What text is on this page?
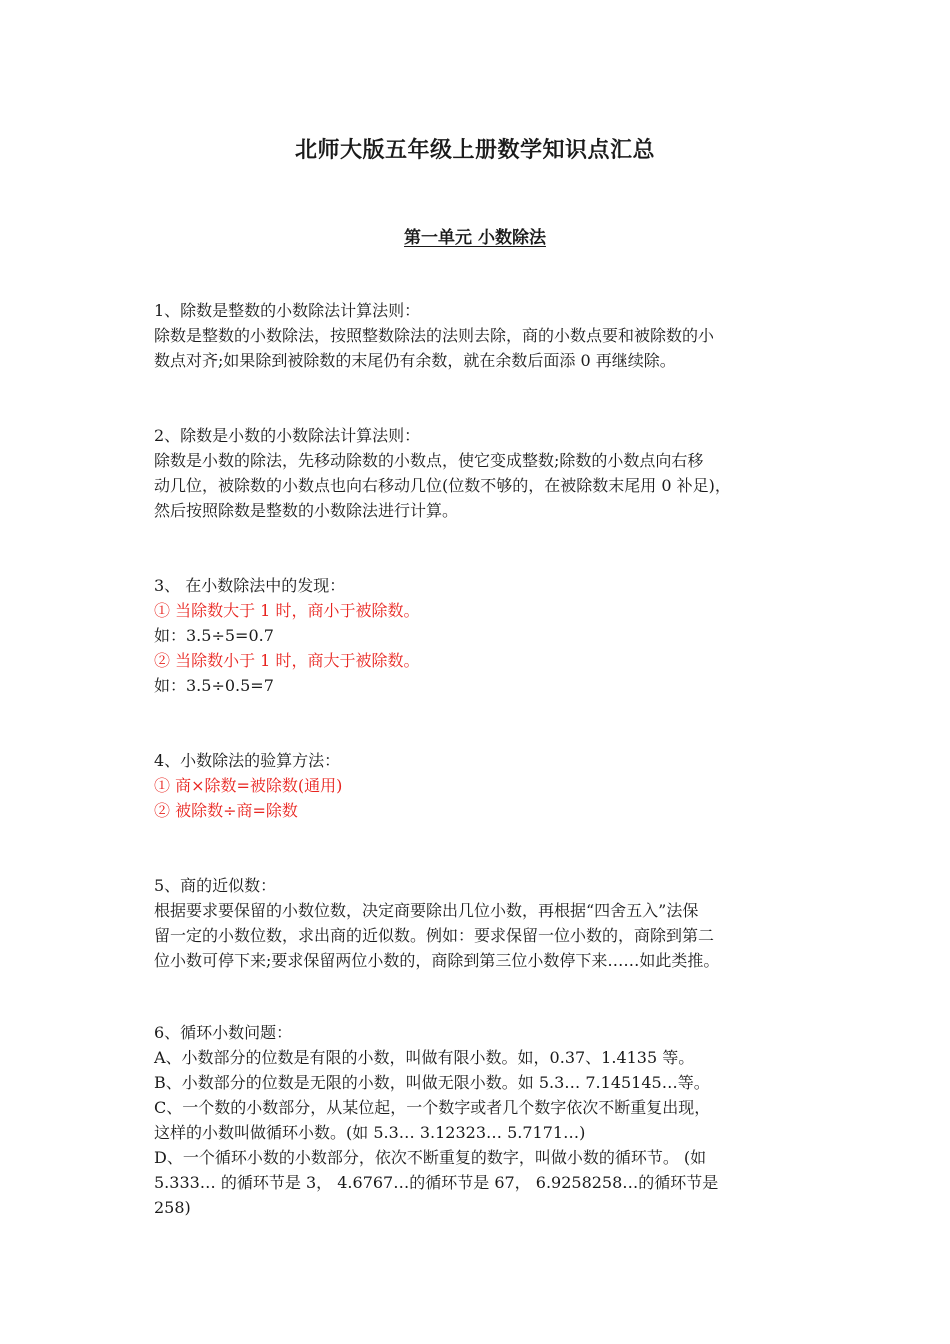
北师大版五年级上册数学知识点汇总
第一单元 小数除法

1、除数是整数的小数除法计算法则：

除数是整数的小数除法，按照整数除法的法则去除，商的小数点要和被除数的小

数点对齐;如果除到被除数的末尾仍有余数，就在余数后面添 0 再继续除。

2、除数是小数的小数除法计算法则：

除数是小数的除法，先移动除数的小数点，使它变成整数;除数的小数点向右移

动几位，被除数的小数点也向右移动几位(位数不够的，在被除数末尾用 0 补足)，

然后按照除数是整数的小数除法进行计算。

3、 在小数除法中的发现：

① 当除数大于 1 时，商小于被除数。

如：3.5÷5=0.7

② 当除数小于 1 时，商大于被除数。

如：3.5÷0.5=7

4、小数除法的验算方法：

① 商×除数=被除数(通用)

② 被除数÷商=除数

5、商的近似数：

根据要求要保留的小数位数，决定商要除出几位小数，再根据“四舍五入”法保

留一定的小数位数，求出商的近似数。例如：要求保留一位小数的，商除到第二

位小数可停下来;要求保留两位小数的，商除到第三位小数停下来……如此类推。

6、循环小数问题：

A、小数部分的位数是有限的小数，叫做有限小数。如，0.37、1.4135 等。

B、小数部分的位数是无限的小数，叫做无限小数。如 5.3… 7.145145…等。

C、一个数的小数部分，从某位起，一个数字或者几个数字依次不断重复出现，

这样的小数叫做循环小数。(如 5.3… 3.12323… 5.7171…)

D、一个循环小数的小数部分，依次不断重复的数字，叫做小数的循环节。 (如

5.333… 的循环节是 3， 4.6767…的循环节是 67， 6.9258258…的循环节是

258)
